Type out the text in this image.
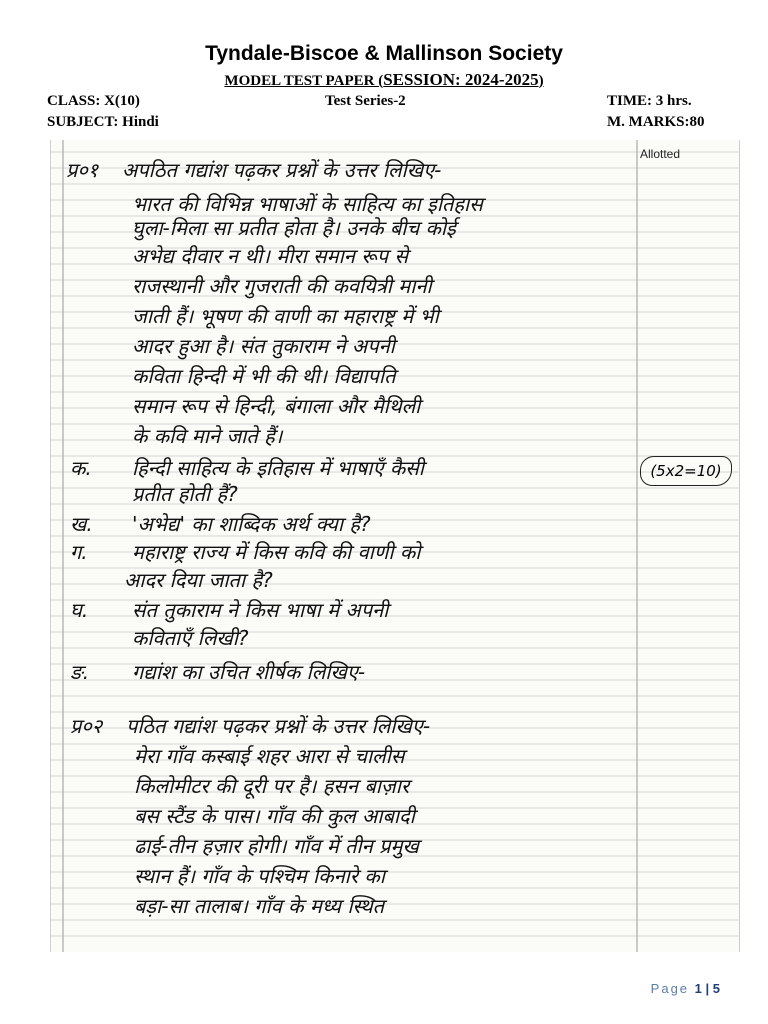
Tyndale-Biscoe & Mallinson Society
MODEL TEST PAPER (SESSION: 2024-2025)
CLASS: X(10)	Test Series-2	TIME: 3 hrs.
SUBJECT: Hindi	M. MARKS:80
Allotted
प्र०१ अपठित गद्यांश पढ़कर प्रश्नों के उत्तर लिखिए-
भारत की विभिन्न भाषाओं के साहित्य का इतिहास
घुला-मिला सा प्रतीत होता है। उनके बीच कोई
अभेद्य दीवार न थी। मीरा समान रूप से
राजस्थानी और गुजराती की कवयित्री मानी
जाती हैं। भूषण की वाणी का महाराष्ट्र में भी
आदर हुआ है। संत तुकाराम ने अपनी
कविता हिन्दी में भी की थी। विद्यापति
समान रूप से हिन्दी, बंगाला और मैथिली
के कवि माने जाते हैं।
क. हिन्दी साहित्य के इतिहास में भाषाएँ कैसी
प्रतीत होती हैं?
(5x2=10)
ख. 'अभेद्य' का शाब्दिक अर्थ क्या है?
ग. महाराष्ट्र राज्य में किस कवि की वाणी को
आदर दिया जाता है?
घ. संत तुकाराम ने किस भाषा में अपनी
कविताएँ लिखी?
ङ. गद्यांश का उचित शीर्षक लिखिए-
प्र०२ पठित गद्यांश पढ़कर प्रश्नों के उत्तर लिखिए-
मेरा गाँव कस्बाई शहर आरा से चालीस
किलोमीटर की दूरी पर है। हसन बाज़ार
बस स्टैंड के पास। गाँव की कुल आबादी
ढाई-तीन हज़ार होगी। गाँव में तीन प्रमुख
स्थान हैं। गाँव के पश्चिम किनारे का
बड़ा-सा तालाब। गाँव के मध्य स्थित
Page 1 | 5
